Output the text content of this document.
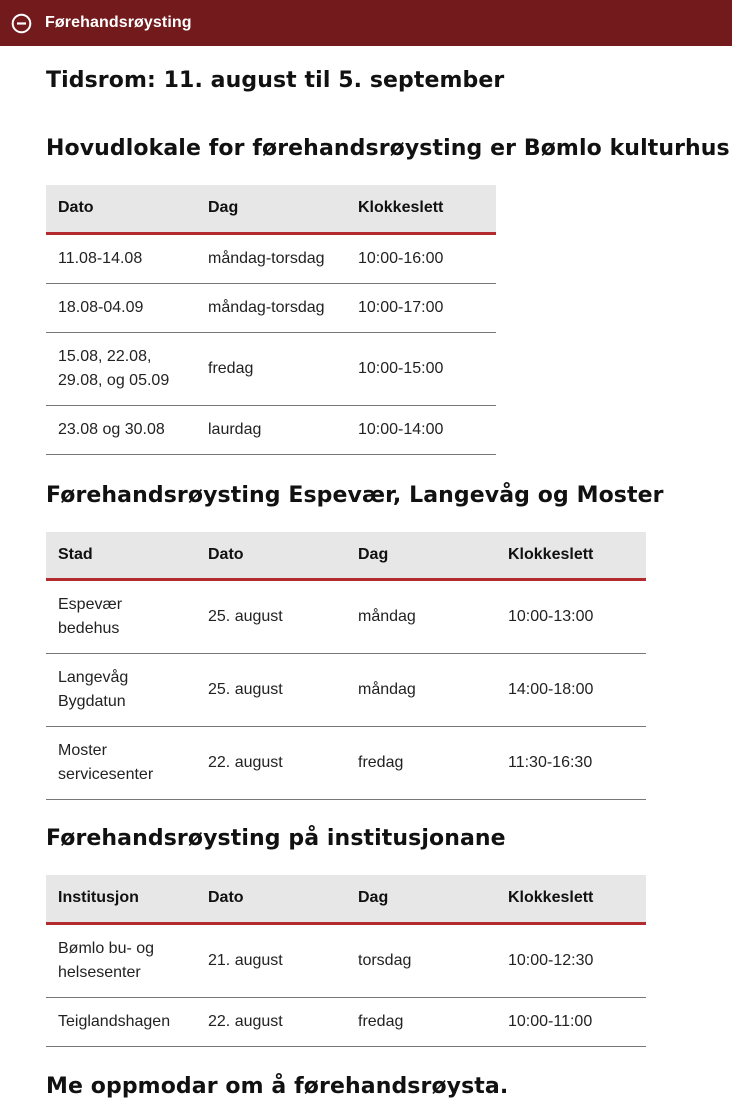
Førehandsrøysting
Tidsrom: 11. august til 5. september
Hovudlokale for førehandsrøysting er Bømlo kulturhus
Dato	Dag	Klokkeslett
11.08-14.08	måndag-torsdag	10:00-16:00
18.08-04.09	måndag-torsdag	10:00-17:00
15.08, 22.08, 29.08, og 05.09	fredag	10:00-15:00
23.08 og 30.08	laurdag	10:00-14:00
Førehandsrøysting Espevær, Langevåg og Moster
Stad	Dato	Dag	Klokkeslett
Espevær bedehus	25. august	måndag	10:00-13:00
Langevåg Bygdatun	25. august	måndag	14:00-18:00
Moster servicesenter	22. august	fredag	11:30-16:30
Førehandsrøysting på institusjonane
Institusjon	Dato	Dag	Klokkeslett
Bømlo bu- og helsesenter	21. august	torsdag	10:00-12:30
Teiglandshagen	22. august	fredag	10:00-11:00
Me oppmodar om å førehandsrøysta.
